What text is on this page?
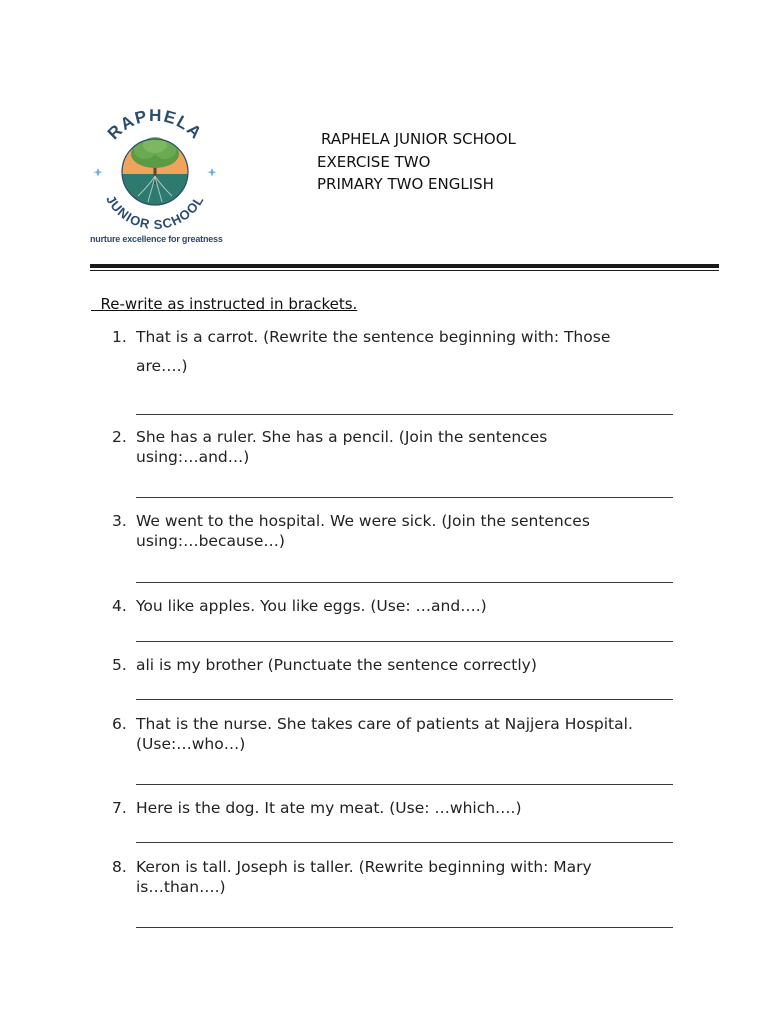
RAPHELA
JUNIOR SCHOOL
nurture excellence for greatness
RAPHELA JUNIOR SCHOOL
EXERCISE TWO
PRIMARY TWO ENGLISH
Re-write as instructed in brackets.
1. That is a carrot. (Rewrite the sentence beginning with: Those
are….)
2. She has a ruler. She has a pencil. (Join the sentences
using:…and…)
3. We went to the hospital. We were sick. (Join the sentences
using:…because…)
4. You like apples. You like eggs. (Use: …and….)
5. ali is my brother (Punctuate the sentence correctly)
6. That is the nurse. She takes care of patients at Najjera Hospital.
(Use:…who…)
7. Here is the dog. It ate my meat. (Use: …which….)
8. Keron is tall. Joseph is taller. (Rewrite beginning with: Mary
is…than….)
